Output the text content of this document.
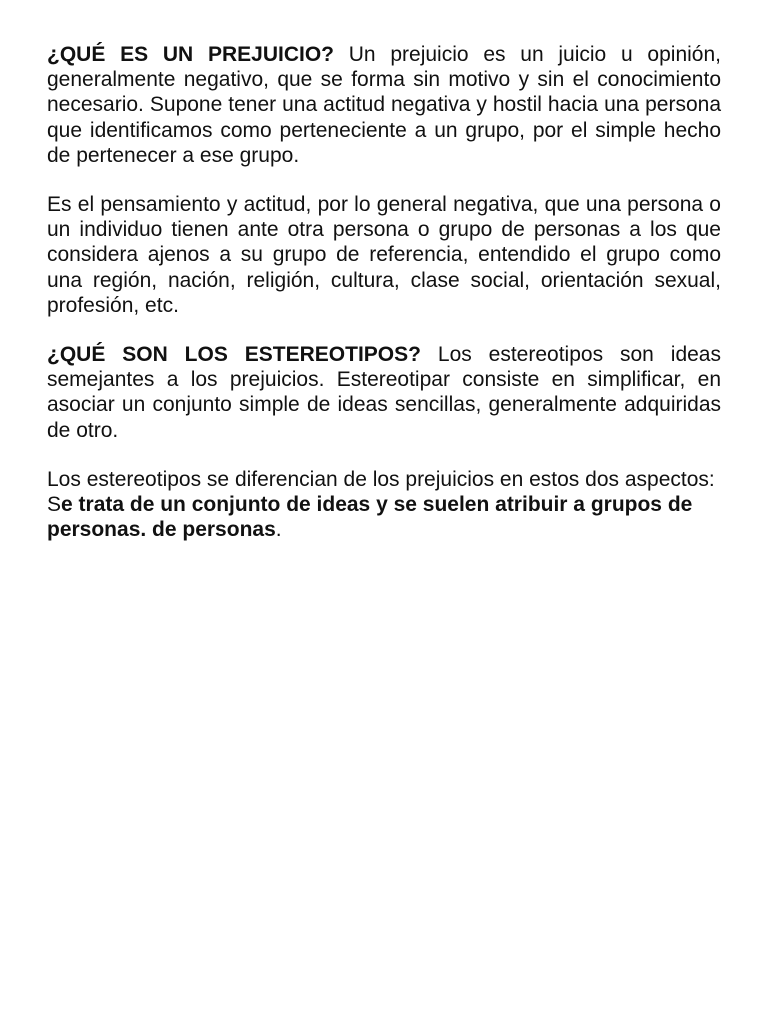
¿QUÉ ES UN PREJUICIO? Un prejuicio es un juicio u opinión, generalmente negativo, que se forma sin motivo y sin el conocimiento necesario. Supone tener una actitud negativa y hostil hacia una persona que identificamos como perteneciente a un grupo, por el simple hecho de pertenecer a ese grupo.

Es el pensamiento y actitud, por lo general negativa, que una persona o un individuo tienen ante otra persona o grupo de personas a los que considera ajenos a su grupo de referencia, entendido el grupo como una región, nación, religión, cultura, clase social, orientación sexual, profesión, etc.

¿QUÉ SON LOS ESTEREOTIPOS? Los estereotipos son ideas semejantes a los prejuicios. Estereotipar consiste en simplificar, en asociar un conjunto simple de ideas sencillas, generalmente adquiridas de otro.

Los estereotipos se diferencian de los prejuicios en estos dos aspectos: Se trata de un conjunto de ideas y se suelen atribuir a grupos de personas. de personas.
